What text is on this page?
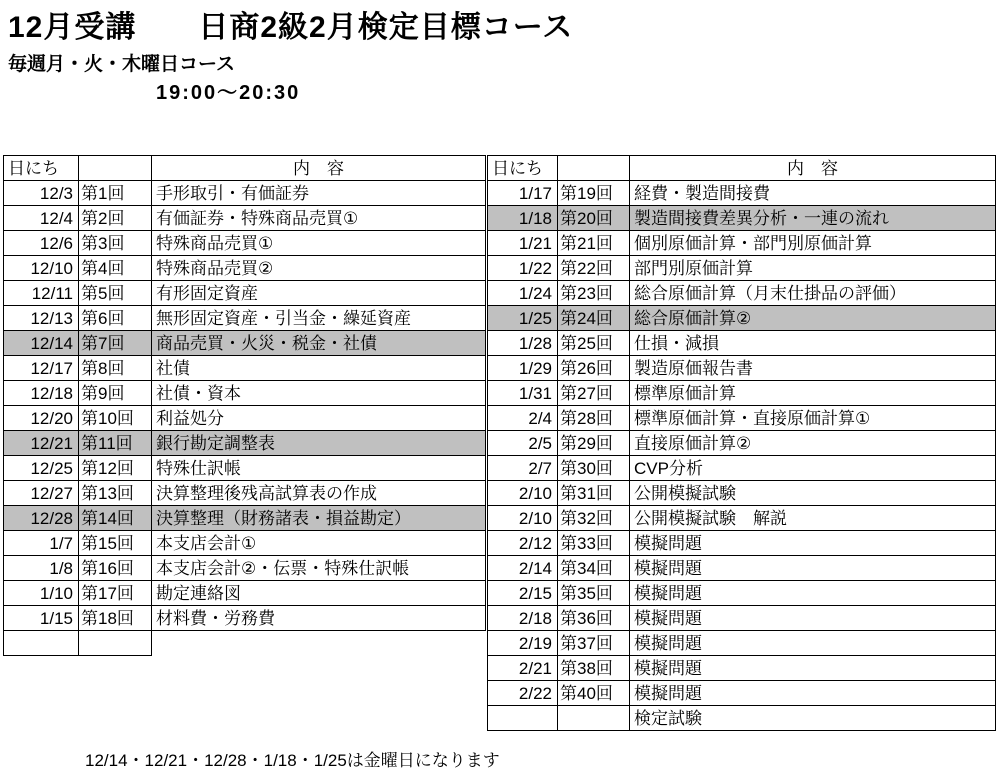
12月受講　　日商2級2月検定目標コース
毎週月・火・木曜日コース
19:00～20:30
日にち	内　容
12/3 第1回	手形取引・有価証券
12/4 第2回	有価証券・特殊商品売買①
12/6 第3回	特殊商品売買①
12/10 第4回	特殊商品売買②
12/11 第5回	有形固定資産
12/13 第6回	無形固定資産・引当金・繰延資産
12/14 第7回	商品売買・火災・税金・社債
12/17 第8回	社債
12/18 第9回	社債・資本
12/20 第10回	利益処分
12/21 第11回	銀行勘定調整表
12/25 第12回	特殊仕訳帳
12/27 第13回	決算整理後残高試算表の作成
12/28 第14回	決算整理（財務諸表・損益勘定）
1/7 第15回	本支店会計①
1/8 第16回	本支店会計②・伝票・特殊仕訳帳
1/10 第17回	勘定連絡図
1/15 第18回	材料費・労務費
日にち	内　容
1/17 第19回	経費・製造間接費
1/18 第20回	製造間接費差異分析・一連の流れ
1/21 第21回	個別原価計算・部門別原価計算
1/22 第22回	部門別原価計算
1/24 第23回	総合原価計算（月末仕掛品の評価）
1/25 第24回	総合原価計算②
1/28 第25回	仕損・減損
1/29 第26回	製造原価報告書
1/31 第27回	標準原価計算
2/4 第28回	標準原価計算・直接原価計算①
2/5 第29回	直接原価計算②
2/7 第30回	CVP分析
2/10 第31回	公開模擬試験
2/10 第32回	公開模擬試験　解説
2/12 第33回	模擬問題
2/14 第34回	模擬問題
2/15 第35回	模擬問題
2/18 第36回	模擬問題
2/19 第37回	模擬問題
2/21 第38回	模擬問題
2/22 第40回	模擬問題
検定試験
12/14・12/21・12/28・1/18・1/25は金曜日になります
